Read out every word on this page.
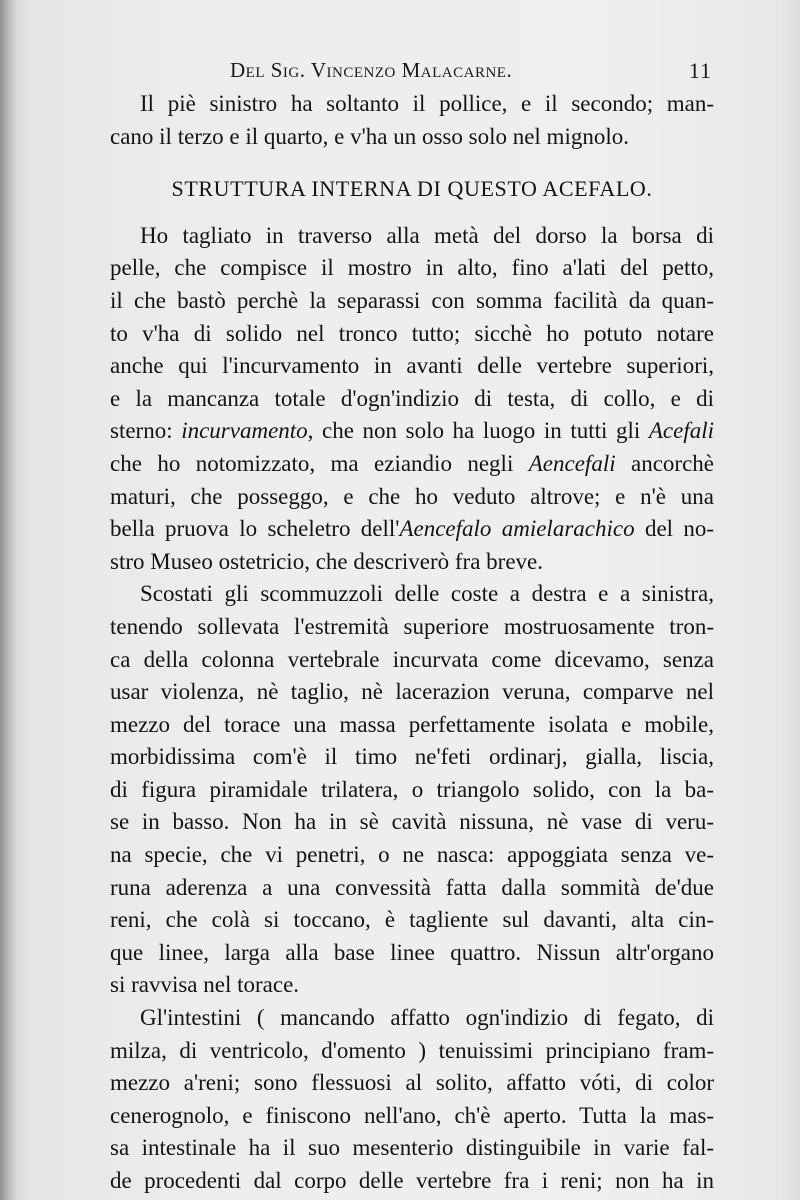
Del Sig. Vincenzo Malacarne.	11

Il piè sinistro ha soltanto il pollice, e il secondo; man-
cano il terzo e il quarto, e v'ha un osso solo nel mignolo.

STRUTTURA INTERNA DI QUESTO ACEFALO.

Ho tagliato in traverso alla metà del dorso la borsa di
pelle, che compisce il mostro in alto, fino a'lati del petto,
il che bastò perchè la separassi con somma facilità da quan-
to v'ha di solido nel tronco tutto; sicchè ho potuto notare
anche qui l'incurvamento in avanti delle vertebre superiori,
e la mancanza totale d'ogn'indizio di testa, di collo, e di
sterno: incurvamento, che non solo ha luogo in tutti gli Acefali
che ho notomizzato, ma eziandio negli Aencefali ancorchè
maturi, che posseggo, e che ho veduto altrove; e n'è una
bella pruova lo scheletro dell'Aencefalo amielarachico del no-
stro Museo ostetricio, che descriverò fra breve.

Scostati gli scommuzzoli delle coste a destra e a sinistra,
tenendo sollevata l'estremità superiore mostruosamente tron-
ca della colonna vertebrale incurvata come dicevamo, senza
usar violenza, nè taglio, nè lacerazion veruna, comparve nel
mezzo del torace una massa perfettamente isolata e mobile,
morbidissima com'è il timo ne'feti ordinarj, gialla, liscia,
di figura piramidale trilatera, o triangolo solido, con la ba-
se in basso. Non ha in sè cavità nissuna, nè vase di veru-
na specie, che vi penetri, o ne nasca: appoggiata senza ve-
runa aderenza a una convessità fatta dalla sommità de'due
reni, che colà si toccano, è tagliente sul davanti, alta cin-
que linee, larga alla base linee quattro. Nissun altr'organo
si ravvisa nel torace.

Gl'intestini ( mancando affatto ogn'indizio di fegato, di
milza, di ventricolo, d'omento ) tenuissimi principiano fram-
mezzo a'reni; sono flessuosi al solito, affatto vóti, di color
cenerognolo, e finiscono nell'ano, ch'è aperto. Tutta la mas-
sa intestinale ha il suo mesenterio distinguibile in varie fal-
de procedenti dal corpo delle vertebre fra i reni; non ha in
